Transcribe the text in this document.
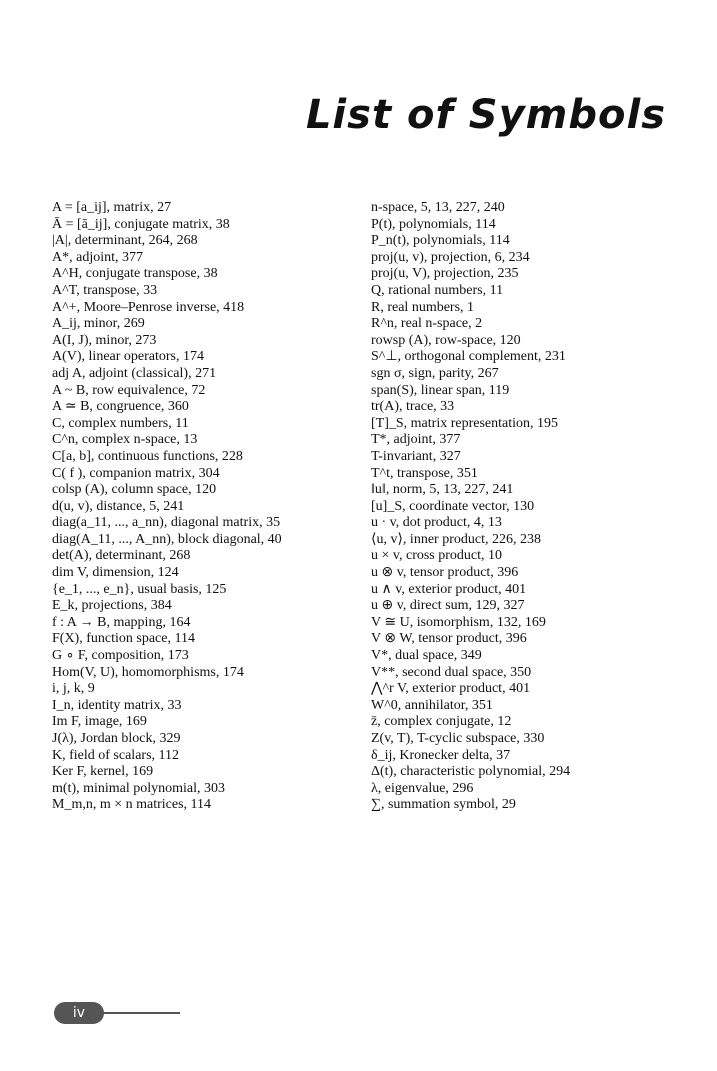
List of Symbols
A = [a_ij], matrix, 27
Ā = [ā_ij], conjugate matrix, 38
|A|, determinant, 264, 268
A*, adjoint, 377
A^H, conjugate transpose, 38
A^T, transpose, 33
A^+, Moore–Penrose inverse, 418
A_ij, minor, 269
A(I, J), minor, 273
A(V), linear operators, 174
adj A, adjoint (classical), 271
A ~ B, row equivalence, 72
A ≃ B, congruence, 360
C, complex numbers, 11
C^n, complex n-space, 13
C[a, b], continuous functions, 228
C( f ), companion matrix, 304
colsp (A), column space, 120
d(u, v), distance, 5, 241
diag(a_11, ..., a_nn), diagonal matrix, 35
diag(A_11, ..., A_nn), block diagonal, 40
det(A), determinant, 268
dim V, dimension, 124
{e_1, ..., e_n}, usual basis, 125
E_k, projections, 384
f : A → B, mapping, 164
F(X), function space, 114
G ∘ F, composition, 173
Hom(V, U), homomorphisms, 174
i, j, k, 9
I_n, identity matrix, 33
Im F, image, 169
J(λ), Jordan block, 329
K, field of scalars, 112
Ker F, kernel, 169
m(t), minimal polynomial, 303
M_m,n, m × n matrices, 114
n-space, 5, 13, 227, 240
P(t), polynomials, 114
P_n(t), polynomials, 114
proj(u, v), projection, 6, 234
proj(u, V), projection, 235
Q, rational numbers, 11
R, real numbers, 1
R^n, real n-space, 2
rowsp (A), row-space, 120
S^⊥, orthogonal complement, 231
sgn σ, sign, parity, 267
span(S), linear span, 119
tr(A), trace, 33
[T]_S, matrix representation, 195
T*, adjoint, 377
T-invariant, 327
T^t, transpose, 351
‖u‖, norm, 5, 13, 227, 241
[u]_S, coordinate vector, 130
u · v, dot product, 4, 13
⟨u, v⟩, inner product, 226, 238
u × v, cross product, 10
u ⊗ v, tensor product, 396
u ∧ v, exterior product, 401
u ⊕ v, direct sum, 129, 327
V ≅ U, isomorphism, 132, 169
V ⊗ W, tensor product, 396
V*, dual space, 349
V**, second dual space, 350
⋀^r V, exterior product, 401
W^0, annihilator, 351
z̄, complex conjugate, 12
Z(v, T), T-cyclic subspace, 330
δ_ij, Kronecker delta, 37
Δ(t), characteristic polynomial, 294
λ, eigenvalue, 296
∑, summation symbol, 29
iv
